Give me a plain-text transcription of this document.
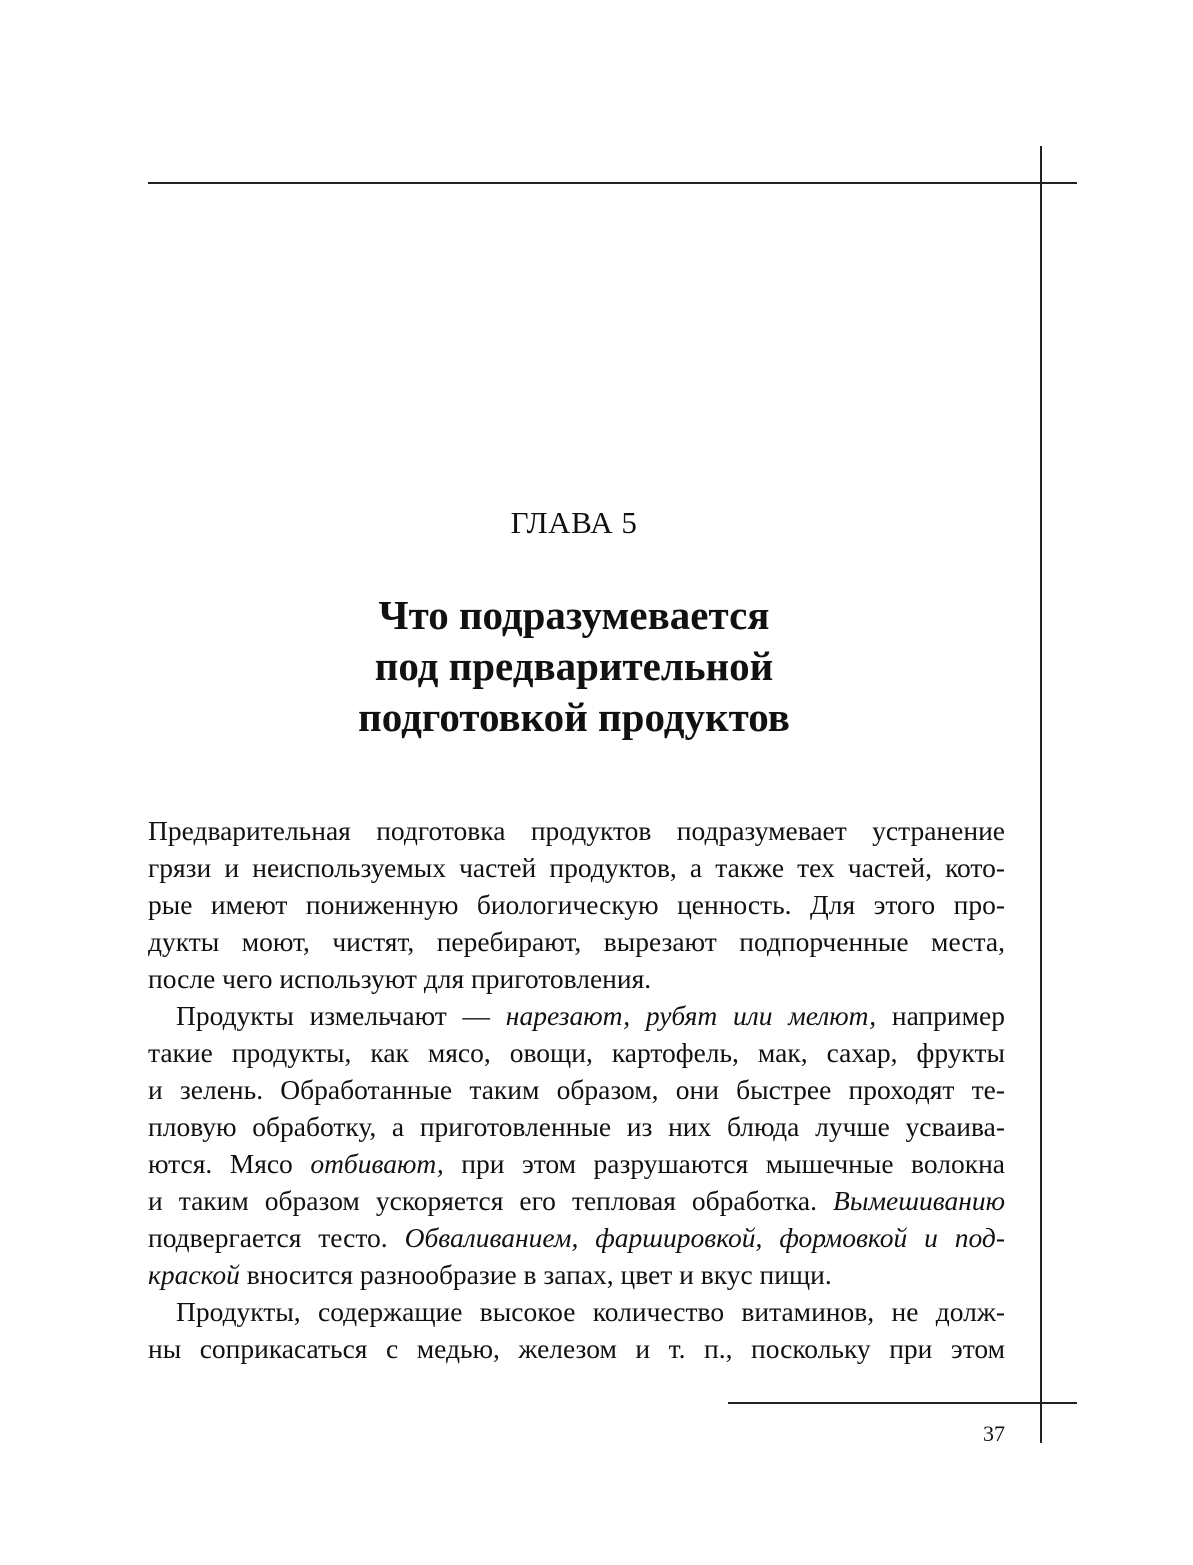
ГЛАВА 5
Что подразумевается
под предварительной
подготовкой продуктов
Предварительная подготовка продуктов подразумевает устранение
грязи и неиспользуемых частей продуктов, а также тех частей, кото-
рые имеют пониженную биологическую ценность. Для этого про-
дукты моют, чистят, перебирают, вырезают подпорченные места,
после чего используют для приготовления.
Продукты измельчают — нарезают, рубят или мелют, например
такие продукты, как мясо, овощи, картофель, мак, сахар, фрукты
и зелень. Обработанные таким образом, они быстрее проходят те-
пловую обработку, а приготовленные из них блюда лучше усваива-
ются. Мясо отбивают, при этом разрушаются мышечные волокна
и таким образом ускоряется его тепловая обработка. Вымешиванию
подвергается тесто. Обваливанием, фаршировкой, формовкой и под-
краской вносится разнообразие в запах, цвет и вкус пищи.
Продукты, содержащие высокое количество витаминов, не долж-
ны соприкасаться с медью, железом и т. п., поскольку при этом
37
